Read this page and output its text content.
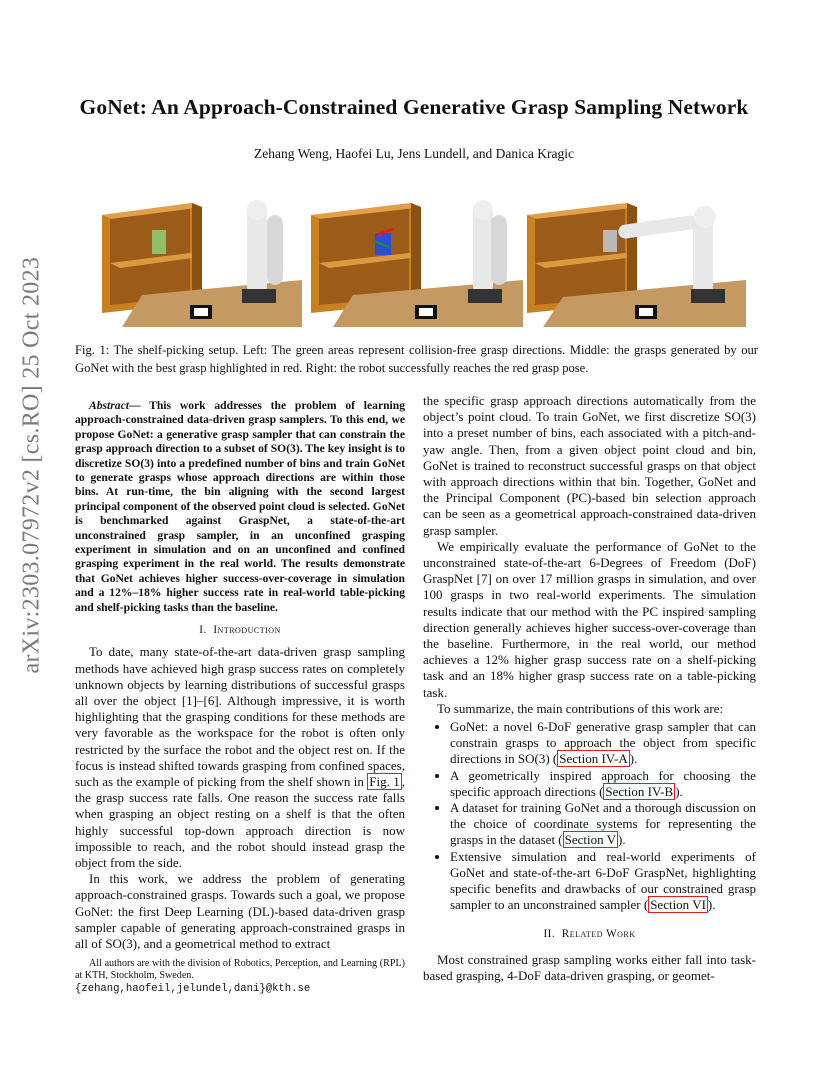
arXiv:2303.07972v2 [cs.RO] 25 Oct 2023
GoNet: An Approach-Constrained Generative Grasp Sampling Network
Zehang Weng, Haofei Lu, Jens Lundell, and Danica Kragic
Fig. 1: The shelf-picking setup. Left: The green areas represent collision-free grasp directions. Middle: the grasps generated by our GoNet with the best grasp highlighted in red. Right: the robot successfully reaches the red grasp pose.

Abstract— This work addresses the problem of learning approach-constrained data-driven grasp samplers. To this end, we propose GoNet: a generative grasp sampler that can constrain the grasp approach direction to a subset of SO(3). The key insight is to discretize SO(3) into a predefined number of bins and train GoNet to generate grasps whose approach directions are within those bins. At run-time, the bin aligning with the second largest principal component of the observed point cloud is selected. GoNet is benchmarked against GraspNet, a state-of-the-art unconstrained grasp sampler, in an unconfined grasping experiment in simulation and on an unconfined and confined grasping experiment in the real world. The results demonstrate that GoNet achieves higher success-over-coverage in simulation and a 12%–18% higher success rate in real-world table-picking and shelf-picking tasks than the baseline.

I. Introduction

To date, many state-of-the-art data-driven grasp sampling methods have achieved high grasp success rates on completely unknown objects by learning distributions of successful grasps all over the object [1]–[6]. Although impressive, it is worth highlighting that the grasping conditions for these methods are very favorable as the workspace for the robot is often only restricted by the surface the robot and the object rest on. If the focus is instead shifted towards grasping from confined spaces, such as the example of picking from the shelf shown in Fig. 1 , the grasp success rate falls. One reason the success rate falls when grasping an object resting on a shelf is that the often highly successful top-down approach direction is now impossible to reach, and the robot should instead grasp the object from the side.

In this work, we address the problem of generating approach-constrained grasps. Towards such a goal, we propose GoNet: the first Deep Learning (DL)-based data-driven grasp sampler capable of generating approach-constrained grasps in all of SO(3), and a geometrical method to extract

All authors are with the division of Robotics, Perception, and Learning (RPL) at KTH, Stockholm, Sweden.

{zehang,haofeil,jelundel,dani}@kth.se

the specific grasp approach directions automatically from the object’s point cloud. To train GoNet, we first discretize SO(3) into a preset number of bins, each associated with a pitch-and-yaw angle. Then, from a given object point cloud and bin, GoNet is trained to reconstruct successful grasps on that object with approach directions within that bin. Together, GoNet and the Principal Component (PC)-based bin selection approach can be seen as a geometrical approach-constrained data-driven grasp sampler.

We empirically evaluate the performance of GoNet to the unconstrained state-of-the-art 6-Degrees of Freedom (DoF) GraspNet [7] on over 17 million grasps in simulation, and over 100 grasps in two real-world experiments. The simulation results indicate that our method with the PC inspired sampling direction generally achieves higher success-over-coverage than the baseline. Furthermore, in the real world, our method achieves a 12% higher grasp success rate on a shelf-picking task and an 18% higher grasp success rate on a table-picking task.

To summarize, the main contributions of this work are:

• GoNet: a novel 6-DoF generative grasp sampler that can constrain grasps to approach the object from specific directions in SO(3) ( Section IV-A ).
• A geometrically inspired approach for choosing the specific approach directions ( Section IV-B ).
• A dataset for training GoNet and a thorough discussion on the choice of coordinate systems for representing the grasps in the dataset ( Section V ).
• Extensive simulation and real-world experiments of GoNet and state-of-the-art 6-DoF GraspNet, highlighting specific benefits and drawbacks of our constrained grasp sampler to an unconstrained sampler ( Section VI ).
II. Related Work

Most constrained grasp sampling works either fall into task-based grasping, 4-DoF data-driven grasping, or geomet-
